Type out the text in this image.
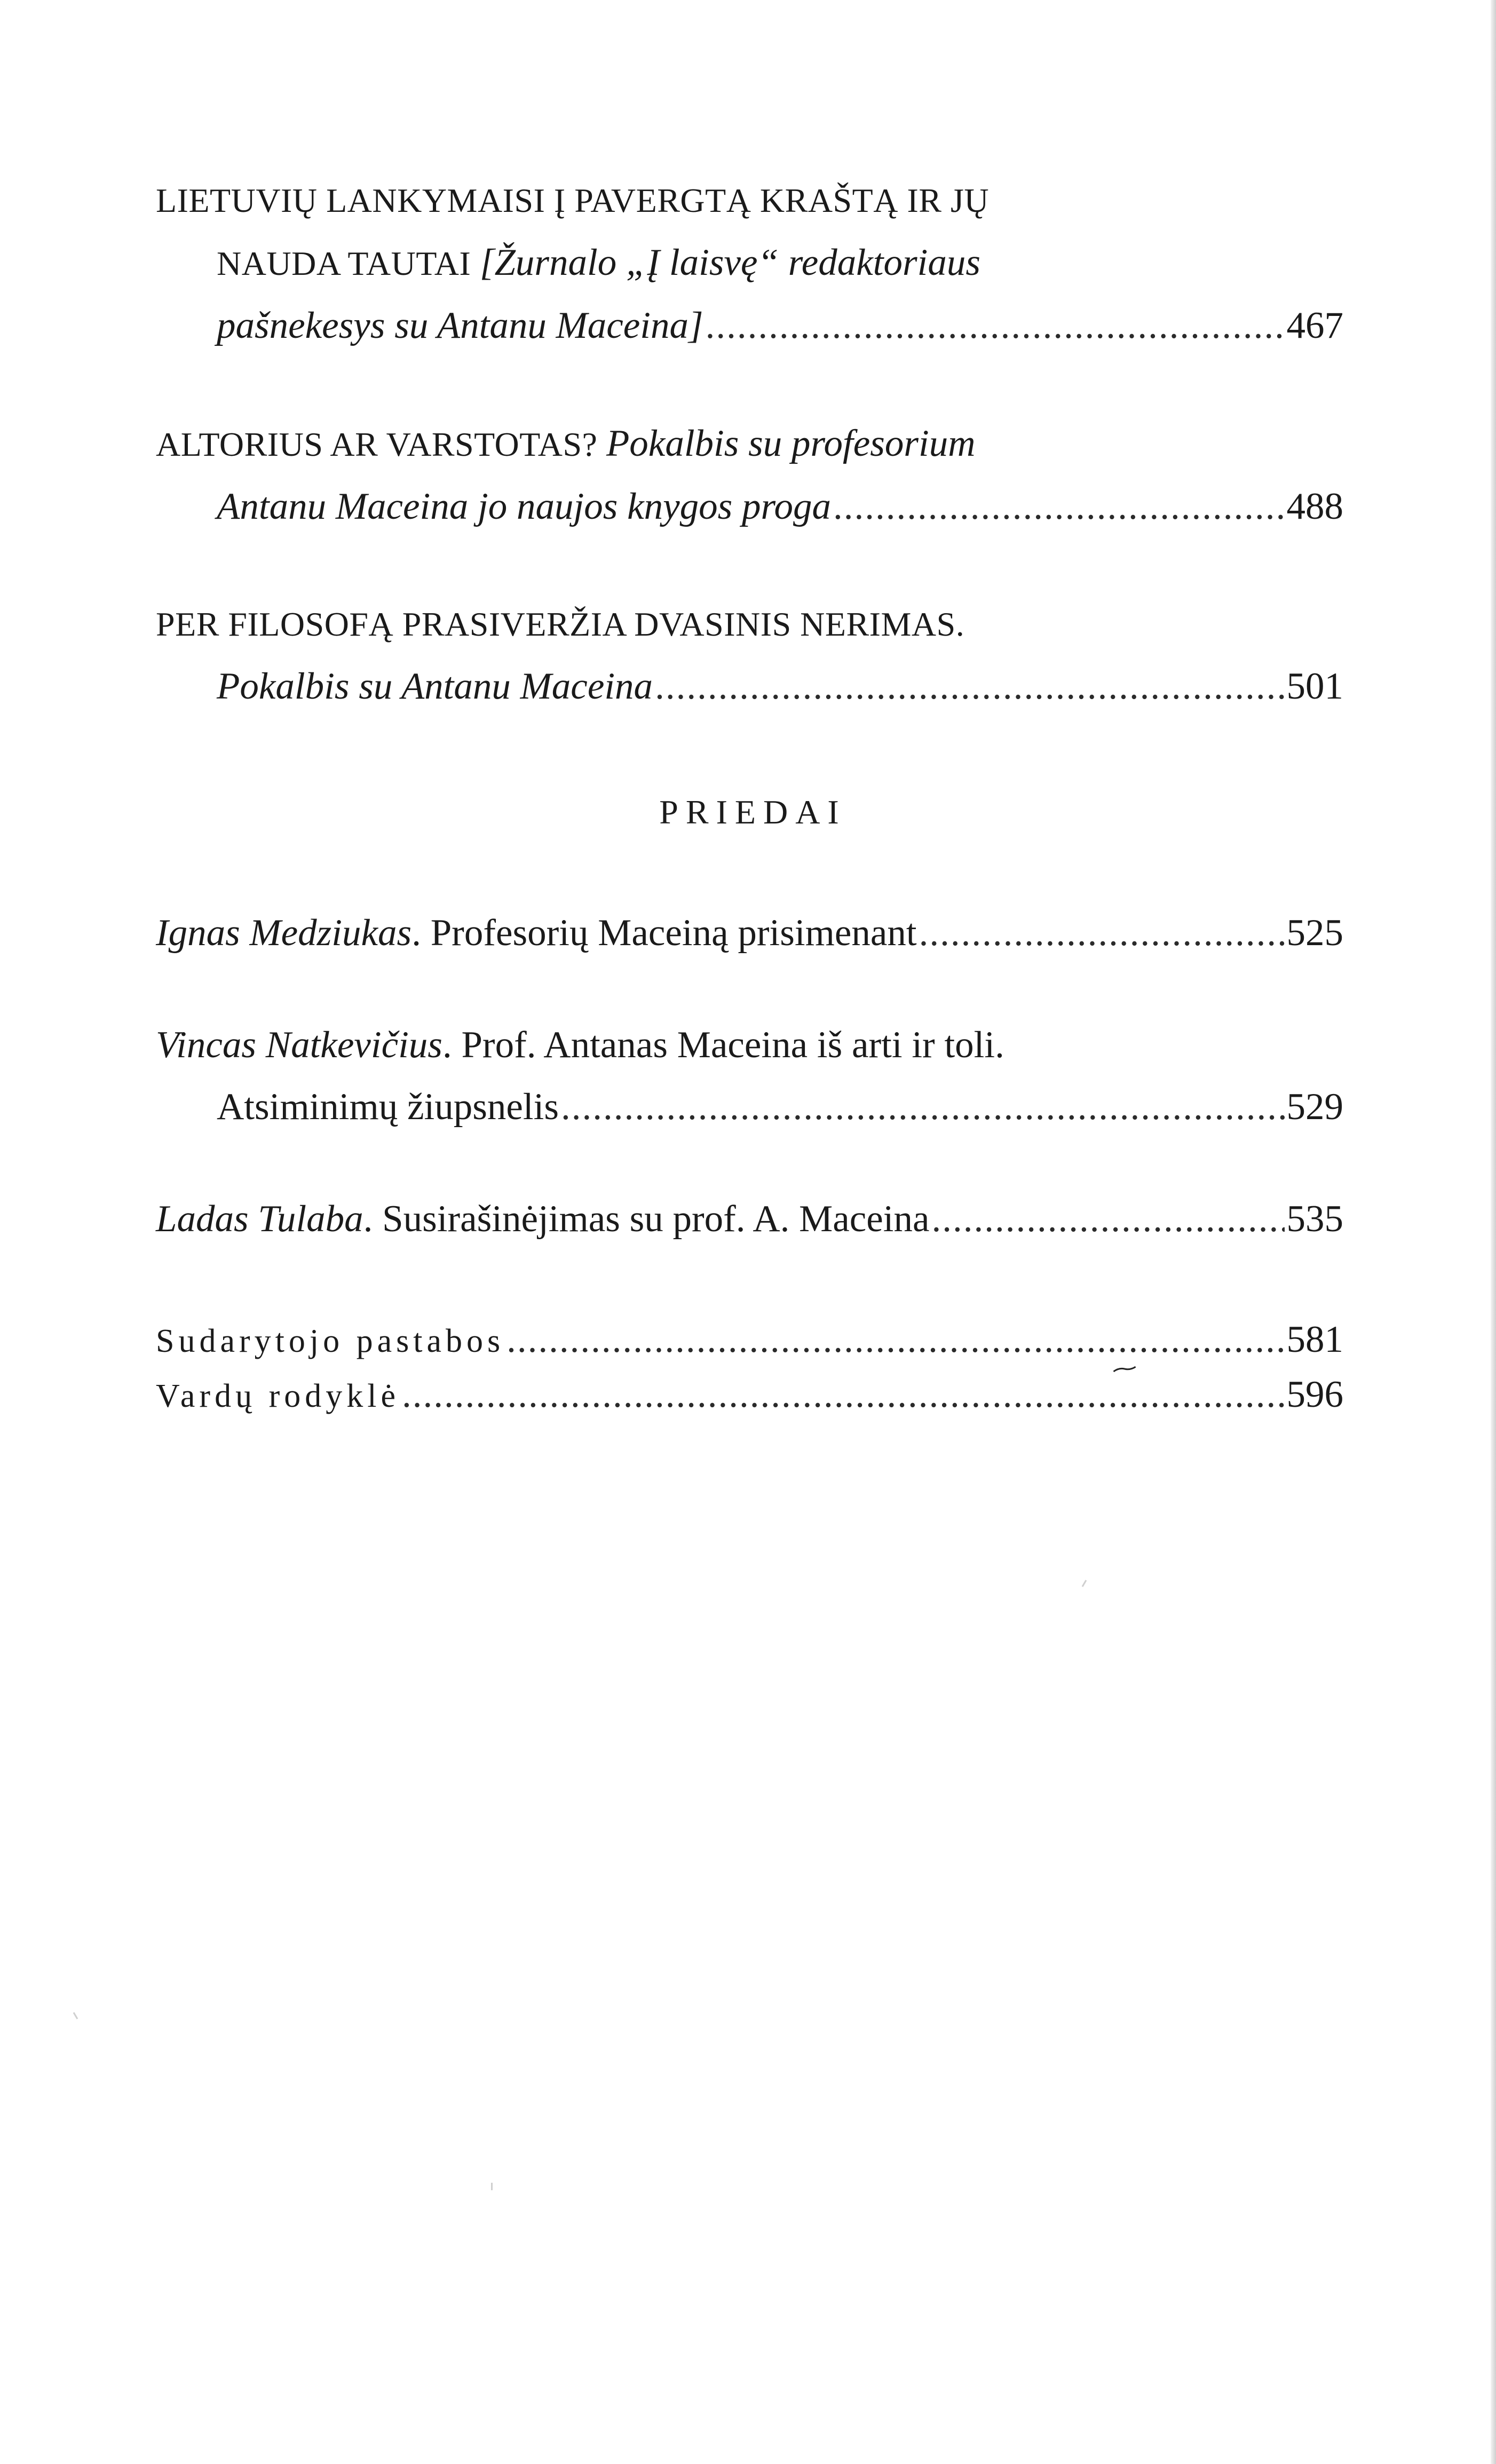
LIETUVIŲ LANKYMAISI Į PAVERGTĄ KRAŠTĄ IR JŲ
NAUDA TAUTAI [Žurnalo „Į laisvę“ redaktoriaus
pašnekesys su Antanu Maceina] .....	467
ALTORIUS AR VARSTOTAS? Pokalbis su profesorium
Antanu Maceina jo naujos knygos proga .....	488
PER FILOSOFĄ PRASIVERŽIA DVASINIS NERIMAS.
Pokalbis su Antanu Maceina .....	501
PRIEDAI
Ignas Medziukas. Profesorių Maceiną prisimenant .....	525
Vincas Natkevičius. Prof. Antanas Maceina iš arti ir toli.
Atsiminimų žiupsnelis .....	529
Ladas Tulaba. Susirašinėjimas su prof. A. Maceina .....	535
Sudarytojo pastabos .....	581
Vardų rodyklė .....	596
